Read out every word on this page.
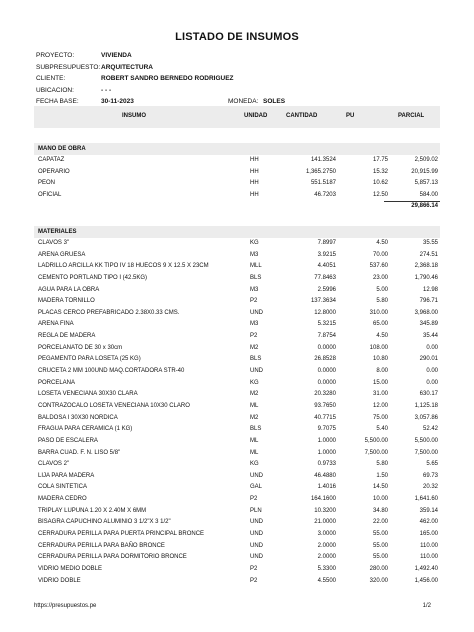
LISTADO DE INSUMOS
PROYECTO:	VIVIENDA
SUBPRESUPUESTO: ARQUITECTURA
CLIENTE:	ROBERT SANDRO BERNEDO RODRIGUEZ
UBICACION:	- - -
FECHA BASE:	30-11-2023	MONEDA: SOLES
INSUMO	UNIDAD	CANTIDAD	PU	PARCIAL
MANO DE OBRA
CAPATAZ	HH	141.3524	17.75	2,509.02
OPERARIO	HH	1,365.2750	15.32	20,915.99
PEON	HH	551.5187	10.62	5,857.13
OFICIAL	HH	46.7203	12.50	584.00
29,866.14
MATERIALES
CLAVOS 3"	KG	7.8997	4.50	35.55
ARENA GRUESA	M3	3.9215	70.00	274.51
LADRILLO ARCILLA KK TIPO IV 18 HUECOS 9 X 12.5 X 23CM	MLL	4.4051	537.60	2,368.18
CEMENTO PORTLAND TIPO I (42.5KG)	BLS	77.8463	23.00	1,790.46
AGUA PARA LA OBRA	M3	2.5996	5.00	12.98
MADERA TORNILLO	P2	137.3634	5.80	796.71
PLACAS CERCO PREFABRICADO 2.38X0.33 CMS.	UND	12.8000	310.00	3,968.00
ARENA FINA	M3	5.3215	65.00	345.89
REGLA DE MADERA	P2	7.8754	4.50	35.44
PORCELANATO DE 30 x 30cm	M2	0.0000	108.00	0.00
PEGAMENTO PARA LOSETA (25 KG)	BLS	26.8528	10.80	290.01
CRUCETA 2 MM 100UND MAQ.CORTADORA STR-40	UND	0.0000	8.00	0.00
PORCELANA	KG	0.0000	15.00	0.00
LOSETA VENECIANA 30X30 CLARA	M2	20.3280	31.00	630.17
CONTRAZOCALO LOSETA VENECIANA 10X30 CLARO	ML	93.7650	12.00	1,125.18
BALDOSA I 30X30 NORDICA	M2	40.7715	75.00	3,057.86
FRAGUA PARA CERAMICA (1 KG)	BLS	9.7075	5.40	52.42
PASO DE ESCALERA	ML	1.0000	5,500.00	5,500.00
BARRA CUAD. F. N. LISO 5/8"	ML	1.0000	7,500.00	7,500.00
CLAVOS 2"	KG	0.9733	5.80	5.65
LIJA PARA MADERA	UND	46.4880	1.50	69.73
COLA SINTETICA	GAL	1.4016	14.50	20.32
MADERA CEDRO	P2	164.1600	10.00	1,641.60
TRIPLAY LUPUNA 1.20 X 2.40M X 6MM	PLN	10.3200	34.80	359.14
BISAGRA CAPUCHINO ALUMINIO 3 1/2"X 3 1/2"	UND	21.0000	22.00	462.00
CERRADURA PERILLA PARA PUERTA PRINCIPAL BRONCE	UND	3.0000	55.00	165.00
CERRADURA PERILLA PARA BAÑO BRONCE	UND	2.0000	55.00	110.00
CERRADURA PERILLA PARA DORMITORIO BRONCE	UND	2.0000	55.00	110.00
VIDRIO MEDIO DOBLE	P2	5.3300	280.00	1,492.40
VIDRIO DOBLE	P2	4.5500	320.00	1,456.00
https://presupuestos.pe	1/2
